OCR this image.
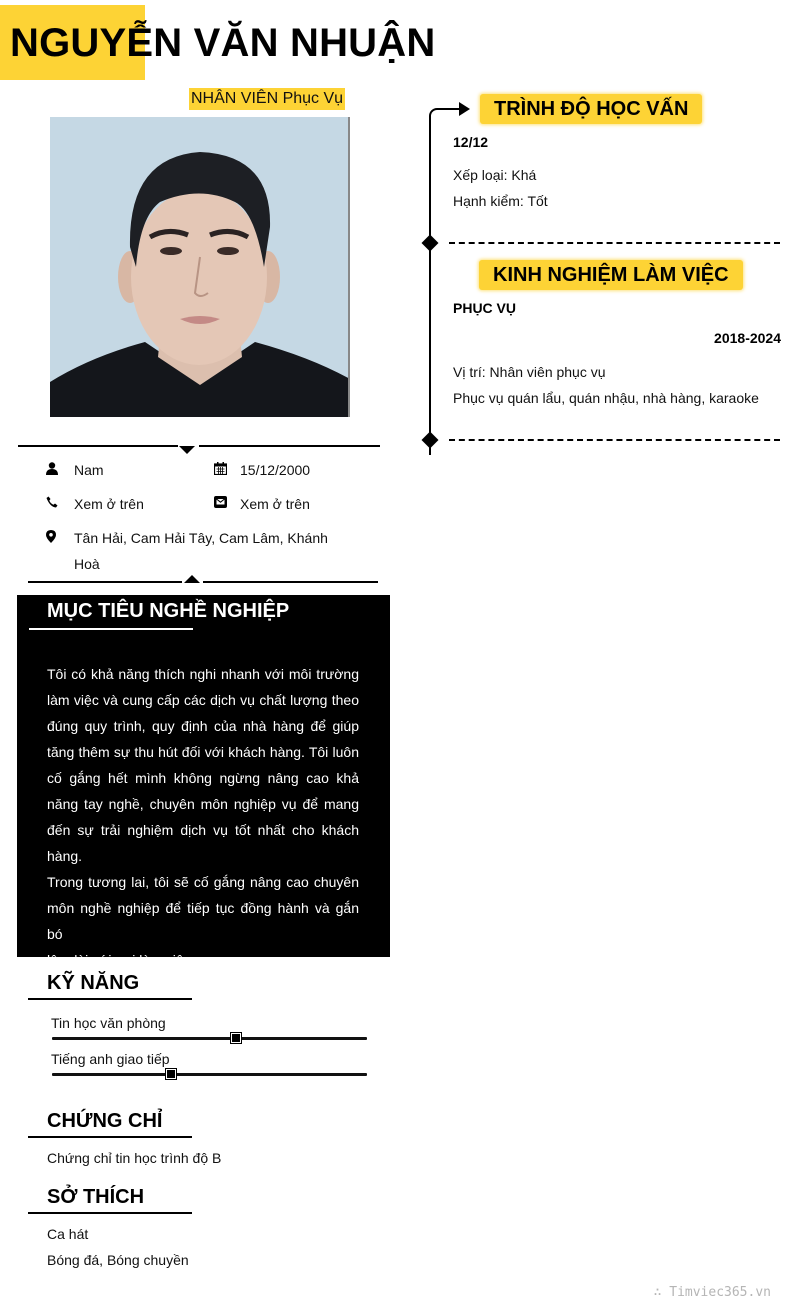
NGUYỄN VĂN NHUẬN
NHÂN VIÊN Phục Vụ
Nam	15/12/2000
Xem ở trên	Xem ở trên
Tân Hải, Cam Hải Tây, Cam Lâm, Khánh
Hoà
MỤC TIÊU NGHỀ NGHIỆP

Tôi có khả năng thích nghi nhanh với môi trường

làm việc và cung cấp các dịch vụ chất lượng theo

đúng quy trình, quy định của nhà hàng để giúp

tăng thêm sự thu hút đối với khách hàng. Tôi luôn

cố gắng hết mình không ngừng nâng cao khả

năng tay nghề, chuyên môn nghiệp vụ để mang

đến sự trải nghiệm dịch vụ tốt nhất cho khách

hàng.

Trong tương lai, tôi sẽ cố gắng nâng cao chuyên

môn nghề nghiệp để tiếp tục đồng hành và gắn bó

lâu dài với nơi làm việc

KỸ NĂNG
Tin học văn phòng
Tiếng anh giao tiếp
CHỨNG CHỈ
Chứng chỉ tin học trình độ B
SỞ THÍCH
Ca hát
Bóng đá, Bóng chuyền
TRÌNH ĐỘ HỌC VẤN
12/12
Xếp loại: Khá
Hạnh kiểm: Tốt
KINH NGHIỆM LÀM VIỆC
PHỤC VỤ
2018-2024
Vị trí: Nhân viên phục vụ
Phục vụ quán lẩu, quán nhậu, nhà hàng, karaoke
∴ Timviec365.vn
